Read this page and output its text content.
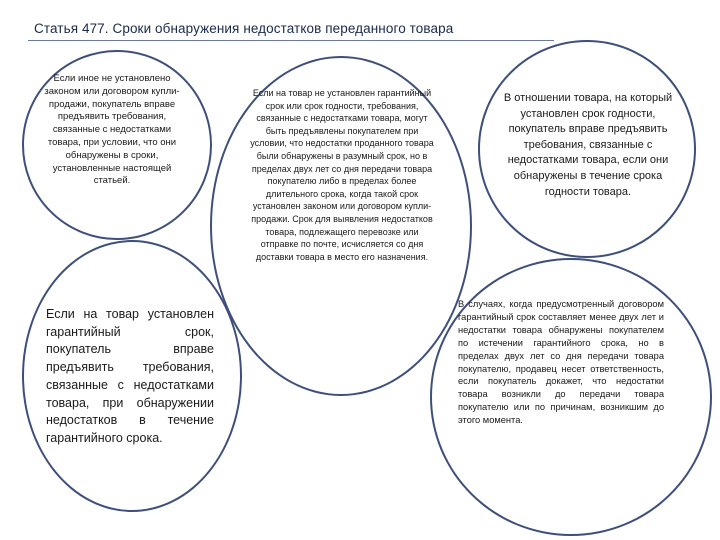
Статья 477. Сроки обнаружения недостатков переданного товара
Если иное не установлено законом или договором купли-продажи, покупатель вправе предъявить требования, связанные с недостатками товара, при условии, что они обнаружены в сроки, установленные настоящей статьей.
Если на товар установлен гарантийный срок, покупатель вправе предъявить требования, связанные с недостатками товара, при обнаружении недостатков в течение гарантийного срока.
Если на товар не установлен гарантийный срок или срок годности, требования, связанные с недостатками товара, могут быть предъявлены покупателем при условии, что недостатки проданного товара были обнаружены в разумный срок, но в пределах двух лет со дня передачи товара покупателю либо в пределах более длительного срока, когда такой срок установлен законом или договором купли-продажи. Срок для выявления недостатков товара, подлежащего перевозке или отправке по почте, исчисляется со дня доставки товара в место его назначения.
В отношении товара, на который установлен срок годности, покупатель вправе предъявить требования, связанные с недостатками товара, если они обнаружены в течение срока годности товара.
В случаях, когда предусмотренный договором гарантийный срок составляет менее двух лет и недостатки товара обнаружены покупателем по истечении гарантийного срока, но в пределах двух лет со дня передачи товара покупателю, продавец несет ответственность, если покупатель докажет, что недостатки товара возникли до передачи товара покупателю или по причинам, возникшим до этого момента.
